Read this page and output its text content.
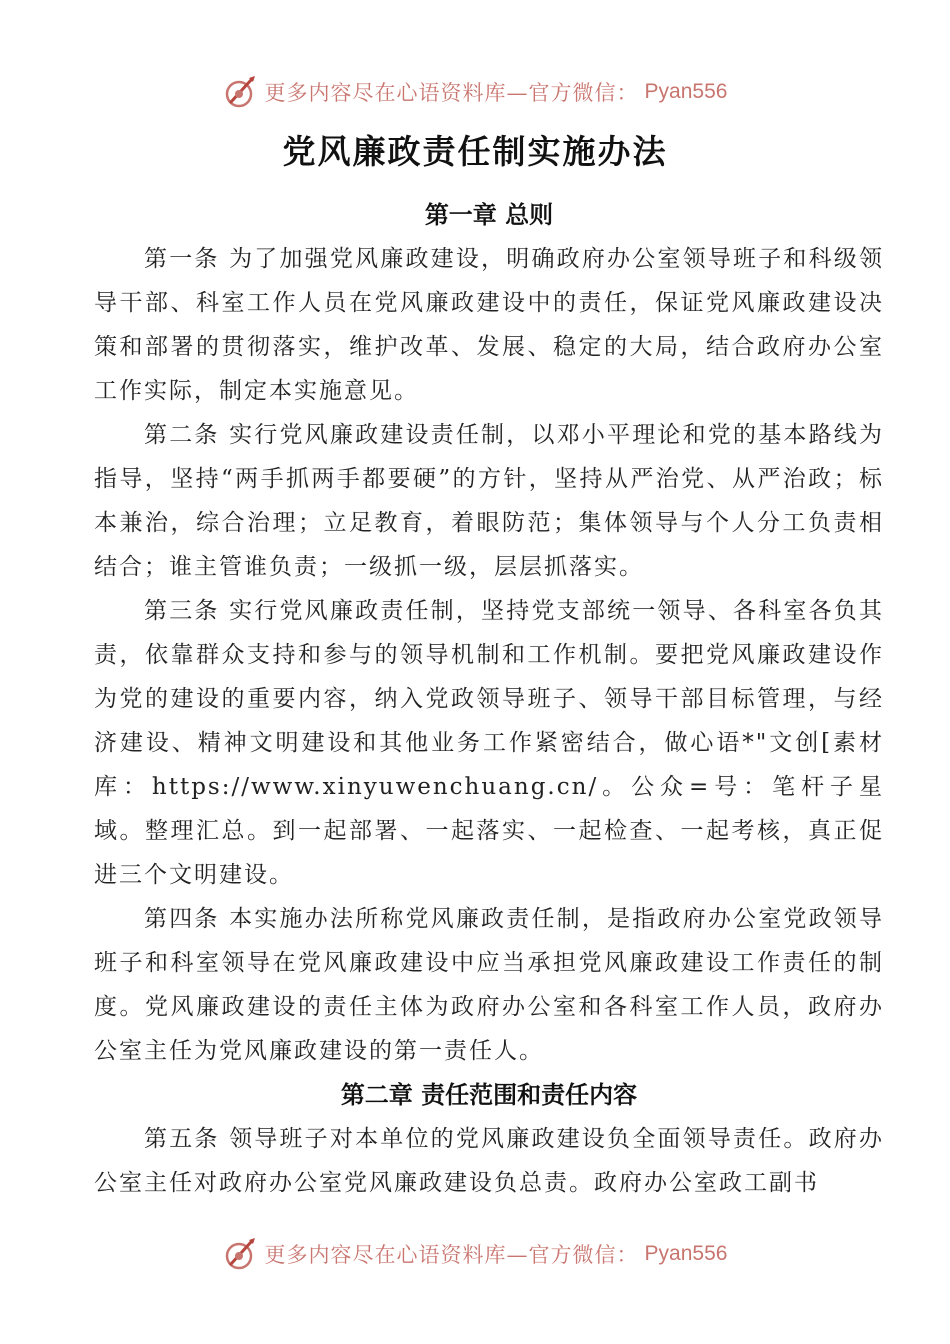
更多内容尽在心语资料库—官方微信： Pyan556
党风廉政责任制实施办法
第一章 总则

第一条 为了加强党风廉政建设，明确政府办公室领导班子和科级领导干部、科室工作人员在党风廉政建设中的责任，保证党风廉政建设决策和部署的贯彻落实，维护改革、发展、稳定的大局，结合政府办公室工作实际，制定本实施意见。

第二条 实行党风廉政建设责任制，以邓小平理论和党的基本路线为指导，坚持“两手抓两手都要硬”的方针，坚持从严治党、从严治政；标本兼治，综合治理；立足教育，着眼防范；集体领导与个人分工负责相结合；谁主管谁负责；一级抓一级，层层抓落实。

第三条 实行党风廉政责任制，坚持党支部统一领导、各科室各负其责，依靠群众支持和参与的领导机制和工作机制。要把党风廉政建设作为党的建设的重要内容，纳入党政领导班子、领导干部目标管理，与经济建设、精神文明建设和其他业务工作紧密结合，做心语*"文创[素材库：https://www.xinyuwenchuang.cn/。公众=号：笔杆子星域。整理汇总。到一起部署、一起落实、一起检查、一起考核，真正促进三个文明建设。

第四条 本实施办法所称党风廉政责任制，是指政府办公室党政领导班子和科室领导在党风廉政建设中应当承担党风廉政建设工作责任的制度。党风廉政建设的责任主体为政府办公室和各科室工作人员，政府办公室主任为党风廉政建设的第一责任人。

第二章 责任范围和责任内容

第五条 领导班子对本单位的党风廉政建设负全面领导责任。政府办公室主任对政府办公室党风廉政建设负总责。政府办公室政工副书

更多内容尽在心语资料库—官方微信： Pyan556
